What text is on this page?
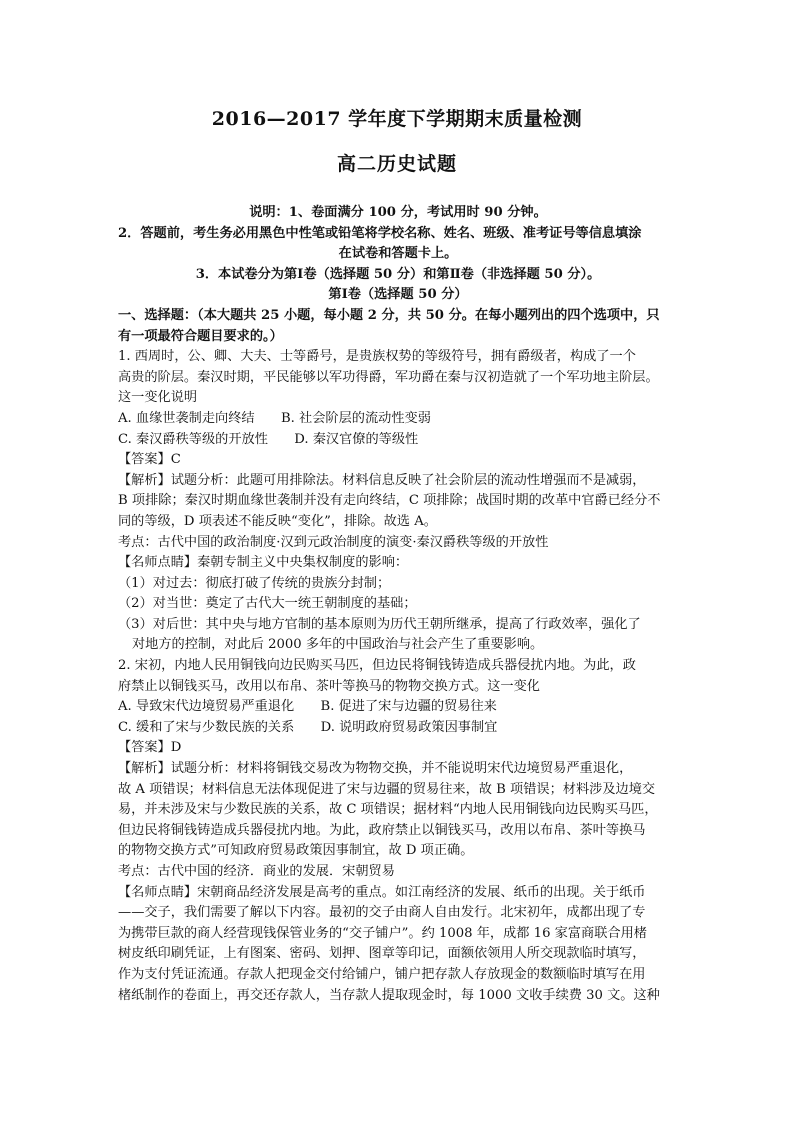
2016—2017 学年度下学期期末质量检测
高二历史试题
说明：1、卷面满分 100 分，考试用时 90 分钟。
2．答题前，考生务必用黑色中性笔或铅笔将学校名称、姓名、班级、准考证号等信息填涂
在试卷和答题卡上。
3．本试卷分为第Ⅰ卷（选择题 50 分）和第Ⅱ卷（非选择题 50 分）。
第Ⅰ卷（选择题 50 分）
一、选择题：（本大题共 25 小题，每小题 2 分，共 50 分。在每小题列出的四个选项中，只
有一项最符合题目要求的。）
1. 西周时，公、卿、大夫、士等爵号，是贵族权势的等级符号，拥有爵级者，构成了一个
高贵的阶层。秦汉时期，平民能够以军功得爵，军功爵在秦与汉初造就了一个军功地主阶层。
这一变化说明
A. 血缘世袭制走向终结　　B. 社会阶层的流动性变弱
C. 秦汉爵秩等级的开放性　　D. 秦汉官僚的等级性
【答案】C
【解析】试题分析：此题可用排除法。材料信息反映了社会阶层的流动性增强而不是减弱，
B 项排除；秦汉时期血缘世袭制并没有走向终结，C 项排除；战国时期的改革中官爵已经分不
同的等级，D 项表述不能反映“变化”，排除。故选 A。
考点：古代中国的政治制度·汉到元政治制度的演变·秦汉爵秩等级的开放性
【名师点睛】秦朝专制主义中央集权制度的影响：
（1）对过去：彻底打破了传统的贵族分封制；
（2）对当世：奠定了古代大一统王朝制度的基础；
（3）对后世：其中央与地方官制的基本原则为历代王朝所继承，提高了行政效率，强化了
对地方的控制，对此后 2000 多年的中国政治与社会产生了重要影响。
2. 宋初，内地人民用铜钱向边民购买马匹，但边民将铜钱铸造成兵器侵扰内地。为此，政
府禁止以铜钱买马，改用以布帛、茶叶等换马的物物交换方式。这一变化
A. 导致宋代边境贸易严重退化　　B. 促进了宋与边疆的贸易往来
C. 缓和了宋与少数民族的关系　　D. 说明政府贸易政策因事制宜
【答案】D
【解析】试题分析：材料将铜钱交易改为物物交换，并不能说明宋代边境贸易严重退化，
故 A 项错误；材料信息无法体现促进了宋与边疆的贸易往来，故 B 项错误；材料涉及边境交
易，并未涉及宋与少数民族的关系，故 C 项错误；据材料“内地人民用铜钱向边民购买马匹，
但边民将铜钱铸造成兵器侵扰内地。为此，政府禁止以铜钱买马，改用以布帛、茶叶等换马
的物物交换方式”可知政府贸易政策因事制宜，故 D 项正确。
考点：古代中国的经济．商业的发展．宋朝贸易
【名师点睛】宋朝商品经济发展是高考的重点。如江南经济的发展、纸币的出现。关于纸币
——交子，我们需要了解以下内容。最初的交子由商人自由发行。北宋初年，成都出现了专
为携带巨款的商人经营现钱保管业务的“交子铺户”。约 1008 年，成都 16 家富商联合用楮
树皮纸印刷凭证，上有图案、密码、划押、图章等印记，面额依领用人所交现款临时填写，
作为支付凭证流通。存款人把现金交付给铺户，铺户把存款人存放现金的数额临时填写在用
楮纸制作的卷面上，再交还存款人，当存款人提取现金时，每 1000 文收手续费 30 文。这种
